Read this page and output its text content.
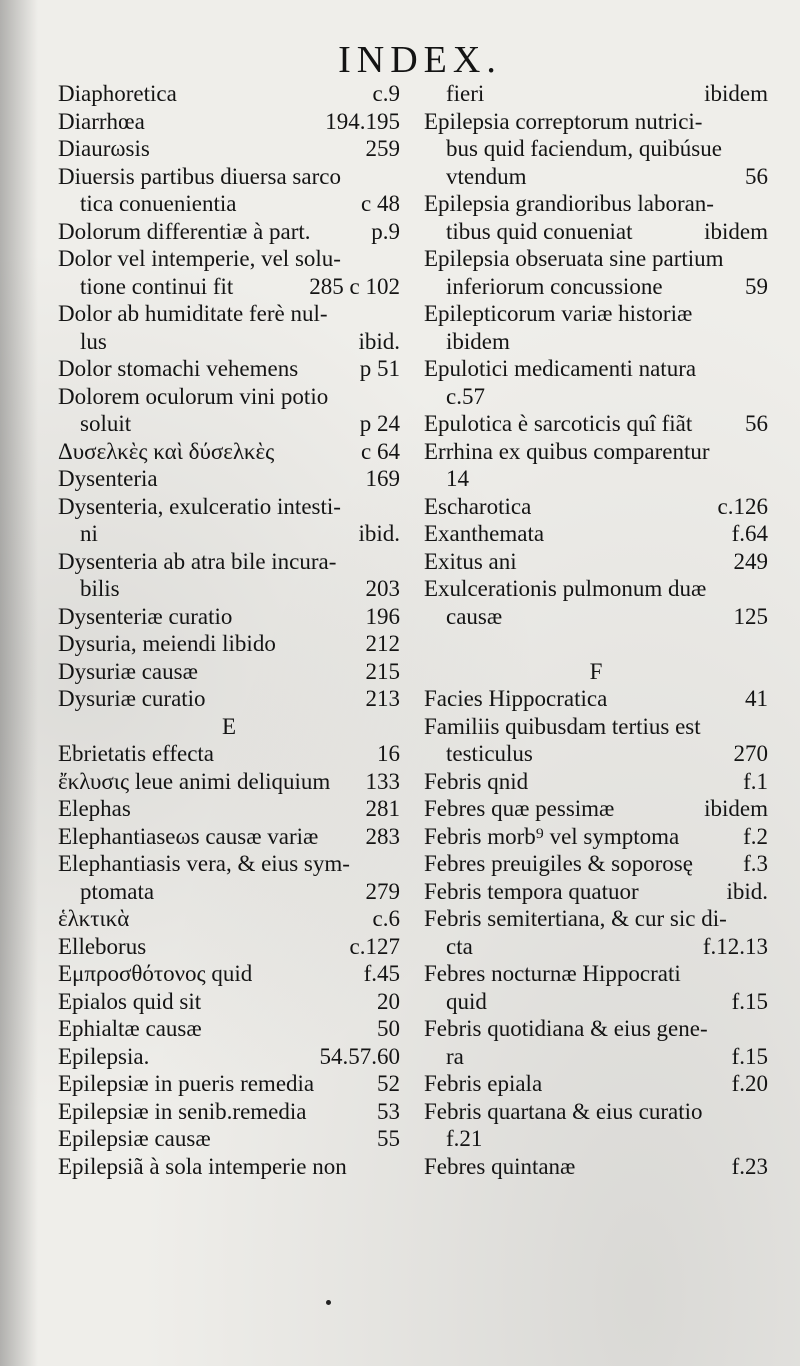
INDEX.
Diaphoretica	c.9
Diarrhœa	194.195
Diaurωsis	259
Diuersis partibus diuersa sarco
tica conuenientia	c 48
Dolorum differentiæ à part.	p.9
Dolor vel intemperie, vel solu-
tione continui fit	285 c 102
Dolor ab humiditate ferè nul-
lus	ibid.
Dolor stomachi vehemens	p 51
Dolorem oculorum vini potio
soluit	p 24
Δυσελκὲς καὶ δύσελκὲς	c 64
Dysenteria	169
Dysenteria, exulceratio intesti-
ni	ibid.
Dysenteria ab atra bile incura-
bilis	203
Dysenteriæ curatio	196
Dysuria, meiendi libido	212
Dysuriæ causæ	215
Dysuriæ curatio	213
E
Ebrietatis effecta	16
ἔκλυσις leue animi deliquium 133
Elephas	281
Elephantiaseωs causæ variæ 283
Elephantiasis vera, & eius sym-
ptomata	279
ἑλκτικὰ	c.6
Elleborus	c.127
Εμπροσθότονος quid	f.45
Epialos quid sit	20
Ephialtæ causæ	50
Epilepsia.	54.57.60
Epilepsiæ in pueris remedia	52
Epilepsiæ in senib.remedia	53
Epilepsiæ causæ	55
Epilepsiã à sola intemperie non
fieri	ibidem
Epilepsia correptorum nutrici-
bus quid faciendum, quibúsue
vtendum	56
Epilepsia grandioribus laboran-
tibus quid conueniat	ibidem
Epilepsia obseruata sine partium
inferiorum concussione	59
Epilepticorum variæ historiæ
ibidem
Epulotici medicamenti natura
c.57
Epulotica è sarcoticis quî fiãt 56
Errhina ex quibus comparentur
14
Escharotica	c.126
Exanthemata	f.64
Exitus ani	249
Exulcerationis pulmonum duæ
causæ	125
F
Facies Hippocratica	41
Familiis quibusdam tertius est
testiculus	270
Febris qnid	f.1
Febres quæ pessimæ	ibidem
Febris morb⁹ vel symptoma	f.2
Febres preuigiles & soporosę f.3
Febris tempora quatuor	ibid.
Febris semitertiana, & cur sic di-
cta	f.12.13
Febres nocturnæ Hippocrati
quid	f.15
Febris quotidiana & eius gene-
ra	f.15
Febris epiala	f.20
Febris quartana & eius curatio
f.21
Febres quintanæ	f.23
